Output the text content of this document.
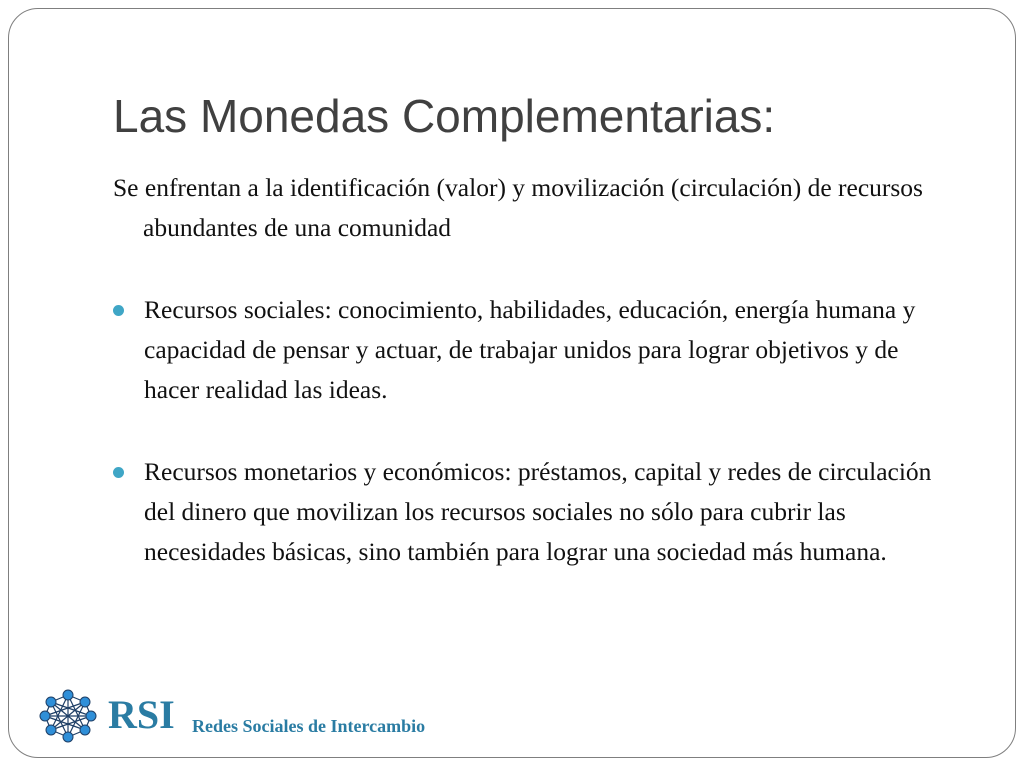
Las Monedas Complementarias:

Se enfrentan a la identificación (valor) y movilización (circulación) de recursos abundantes de una comunidad

Recursos sociales: conocimiento, habilidades, educación, energía humana y capacidad de pensar y actuar, de trabajar unidos para lograr objetivos y de hacer realidad las ideas.
Recursos monetarios y económicos: préstamos, capital y redes de circulación del dinero que movilizan los recursos sociales no sólo para cubrir las necesidades básicas, sino también para lograr una sociedad más humana.
RSI Redes Sociales de Intercambio
